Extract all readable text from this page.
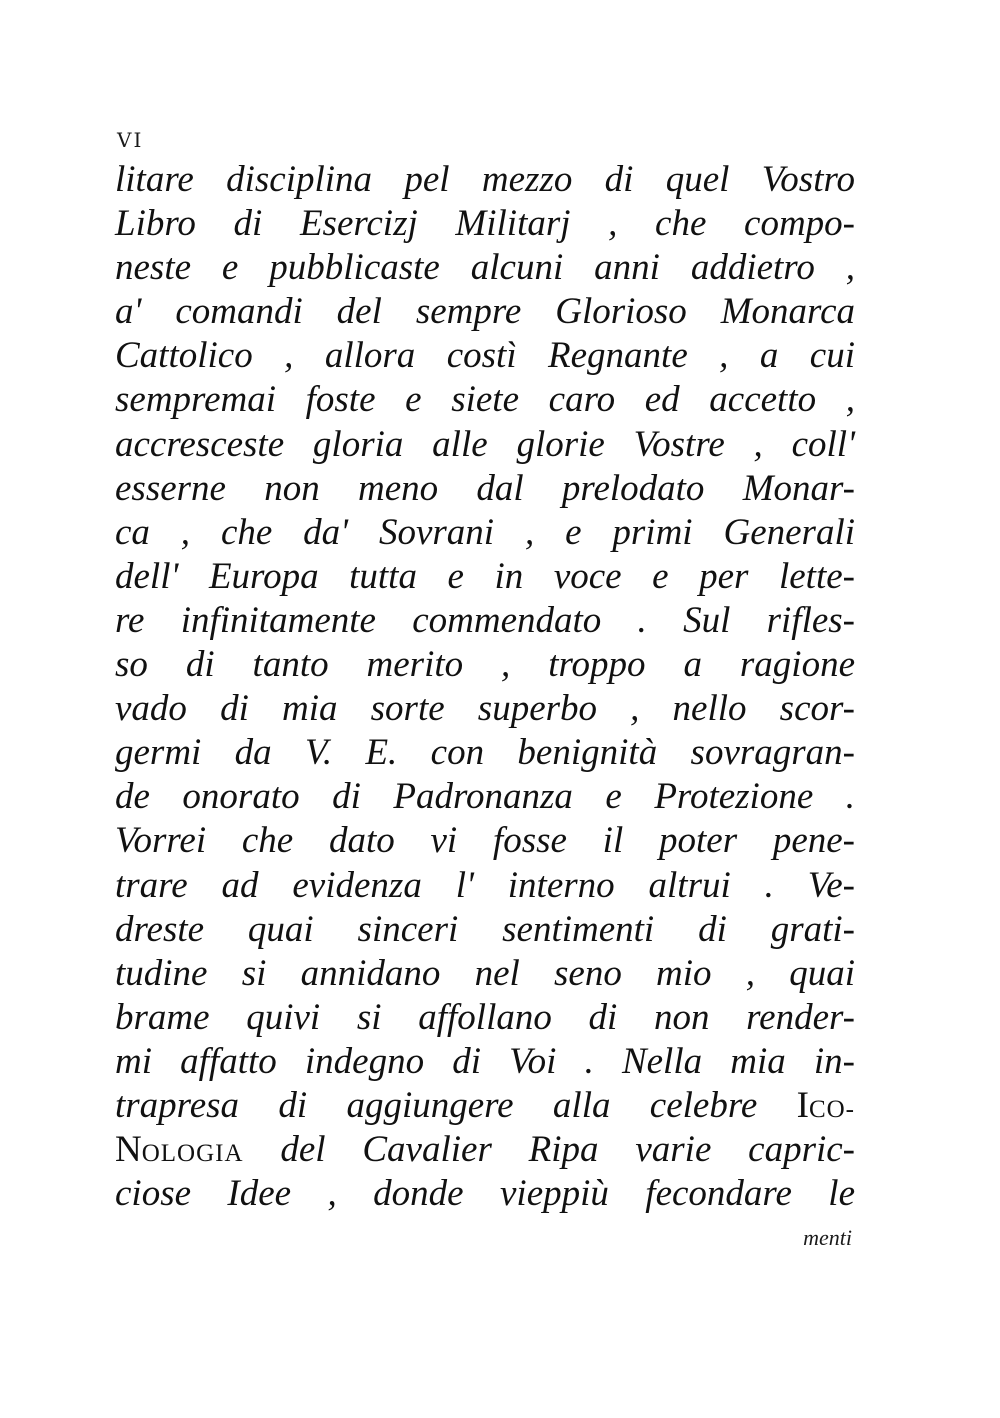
VI
litare disciplina pel mezzo di quel Vostro
Libro di Esercizj Militarj , che compo-
neste e pubblicaste alcuni anni addietro ,
a' comandi del sempre Glorioso Monarca
Cattolico , allora costì Regnante , a cui
sempremai foste e siete caro ed accetto ,
accresceste gloria alle glorie Vostre , coll'
esserne non meno dal prelodato Monar-
ca , che da' Sovrani , e primi Generali
dell' Europa tutta e in voce e per lette-
re infinitamente commendato . Sul rifles-
so di tanto merito , troppo a ragione
vado di mia sorte superbo , nello scor-
germi da V. E. con benignità sovragran-
de onorato di Padronanza e Protezione .
Vorrei che dato vi fosse il poter pene-
trare ad evidenza l' interno altrui . Ve-
dreste quai sinceri sentimenti di grati-
tudine si annidano nel seno mio , quai
brame quivi si affollano di non render-
mi affatto indegno di Voi . Nella mia in-
trapresa di aggiungere alla celebre ICO-
NOLOGIA del Cavalier Ripa varie capric-
ciose Idee , donde vieppiù fecondare le
menti
